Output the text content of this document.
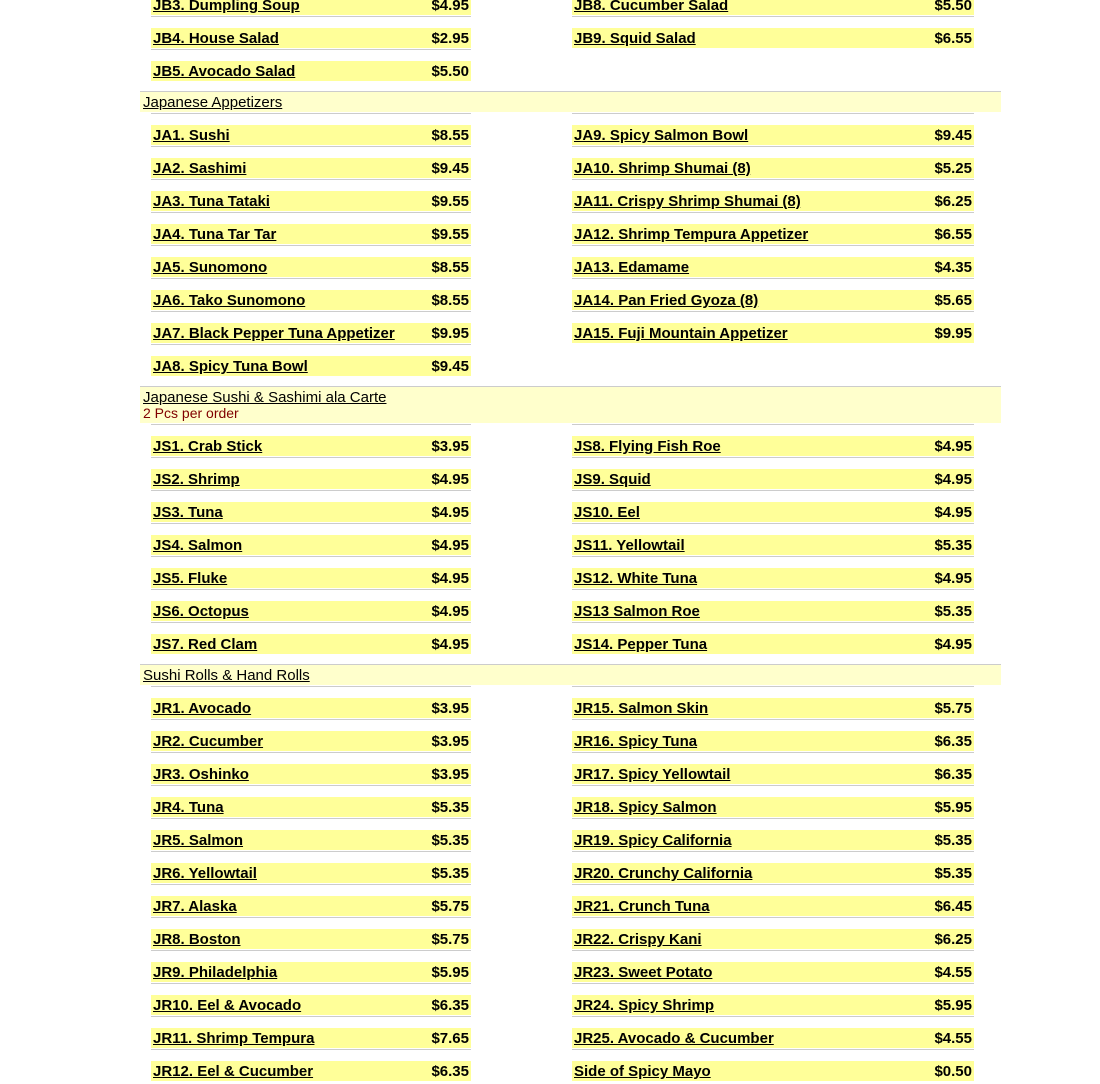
JB3. Dumpling Soup	$4.95	JB8. Cucumber Salad	$5.50
JB4. House Salad	$2.95	JB9. Squid Salad	$6.55
JB5. Avocado Salad	$5.50
Japanese Appetizers
JA1. Sushi	$8.55	JA9. Spicy Salmon Bowl	$9.45
JA2. Sashimi	$9.45	JA10. Shrimp Shumai (8)	$5.25
JA3. Tuna Tataki	$9.55	JA11. Crispy Shrimp Shumai (8)	$6.25
JA4. Tuna Tar Tar	$9.55	JA12. Shrimp Tempura Appetizer	$6.55
JA5. Sunomono	$8.55	JA13. Edamame	$4.35
JA6. Tako Sunomono	$8.55	JA14. Pan Fried Gyoza (8)	$5.65
JA7. Black Pepper Tuna Appetizer $9.95	JA15. Fuji Mountain Appetizer	$9.95
JA8. Spicy Tuna Bowl	$9.45
Japanese Sushi & Sashimi ala Carte
2 Pcs per order
JS1. Crab Stick	$3.95	JS8. Flying Fish Roe	$4.95
JS2. Shrimp	$4.95	JS9. Squid	$4.95
JS3. Tuna	$4.95	JS10. Eel	$4.95
JS4. Salmon	$4.95	JS11. Yellowtail	$5.35
JS5. Fluke	$4.95	JS12. White Tuna	$4.95
JS6. Octopus	$4.95	JS13 Salmon Roe	$5.35
JS7. Red Clam	$4.95	JS14. Pepper Tuna	$4.95
Sushi Rolls & Hand Rolls
JR1. Avocado	$3.95	JR15. Salmon Skin	$5.75
JR2. Cucumber	$3.95	JR16. Spicy Tuna	$6.35
JR3. Oshinko	$3.95	JR17. Spicy Yellowtail	$6.35
JR4. Tuna	$5.35	JR18. Spicy Salmon	$5.95
JR5. Salmon	$5.35	JR19. Spicy California	$5.35
JR6. Yellowtail	$5.35	JR20. Crunchy California	$5.35
JR7. Alaska	$5.75	JR21. Crunch Tuna	$6.45
JR8. Boston	$5.75	JR22. Crispy Kani	$6.25
JR9. Philadelphia	$5.95	JR23. Sweet Potato	$4.55
JR10. Eel & Avocado	$6.35	JR24. Spicy Shrimp	$5.95
JR11. Shrimp Tempura	$7.65	JR25. Avocado & Cucumber	$4.55
JR12. Eel & Cucumber	$6.35	Side of Spicy Mayo	$0.50
